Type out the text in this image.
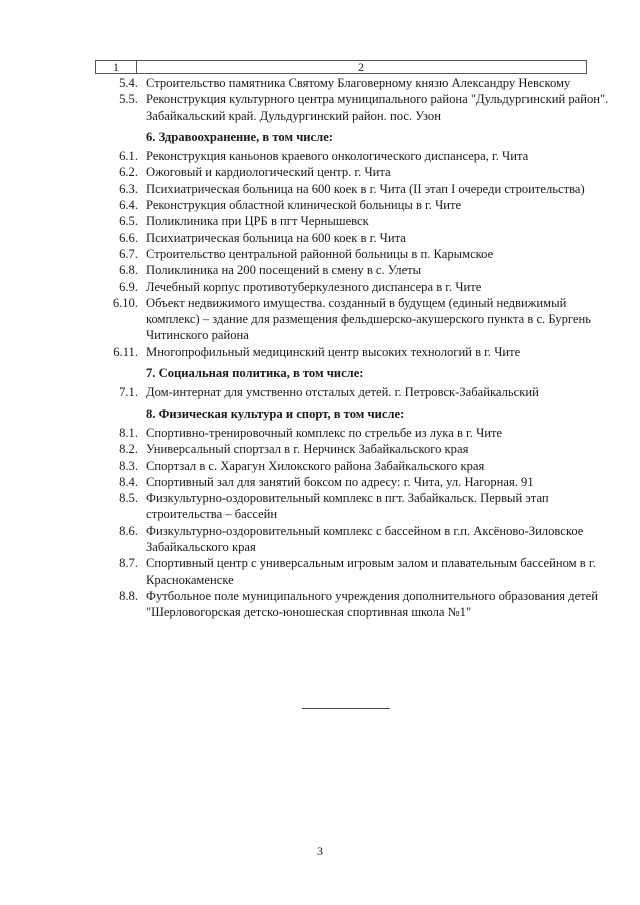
1	2
5.4. Строительство памятника Святому Благоверному князю Александру Невскому
5.5. Реконструкция культурного центра муниципального района "Дульдургинский район". Забайкальский край. Дульдургинский район. пос. Узон
6. Здравоохранение, в том числе:
6.1. Реконструкция каньонов краевого онкологического диспансера, г. Чита
6.2. Ожоговый и кардиологический центр. г. Чита
6.3. Психиатрическая больница на 600 коек в г. Чита (II этап I очереди строительства)
6.4. Реконструкция областной клинической больницы в г. Чите
6.5. Поликлиника при ЦРБ в пгт Чернышевск
6.6. Психиатрическая больница на 600 коек в г. Чита
6.7. Строительство центральной районной больницы в п. Карымское
6.8. Поликлиника на 200 посещений в смену в с. Улеты
6.9. Лечебный корпус противотуберкулезного диспансера в г. Чите
6.10. Объект недвижимого имущества. созданный в будущем (единый недвижимый комплекс) – здание для размещения фельдшерско-акушерского пункта в с. Бургень Читинского района
6.11. Многопрофильный медицинский центр высоких технологий в г. Чите
7. Социальная политика, в том числе:
7.1. Дом-интернат для умственно отсталых детей. г. Петровск-Забайкальский
8. Физическая культура и спорт, в том числе:
8.1. Спортивно-тренировочный комплекс по стрельбе из лука в г. Чите
8.2. Универсальный спортзал в г. Нерчинск Забайкальского края
8.3. Спортзал в с. Харагун Хилокского района Забайкальского края
8.4. Спортивный зал для занятий боксом по адресу: г. Чита, ул. Нагорная. 91
8.5. Физкультурно-оздоровительный комплекс в пгт. Забайкальск. Первый этап строительства – бассейн
8.6. Физкультурно-оздоровительный комплекс с бассейном в г.п. Аксёново-Зиловское Забайкальского края
8.7. Спортивный центр с универсальным игровым залом и плавательным бассейном в г. Краснокаменске
8.8. Футбольное поле муниципального учреждения дополнительного образования детей "Шерловогорская детско-юношеская спортивная школа №1"
3
